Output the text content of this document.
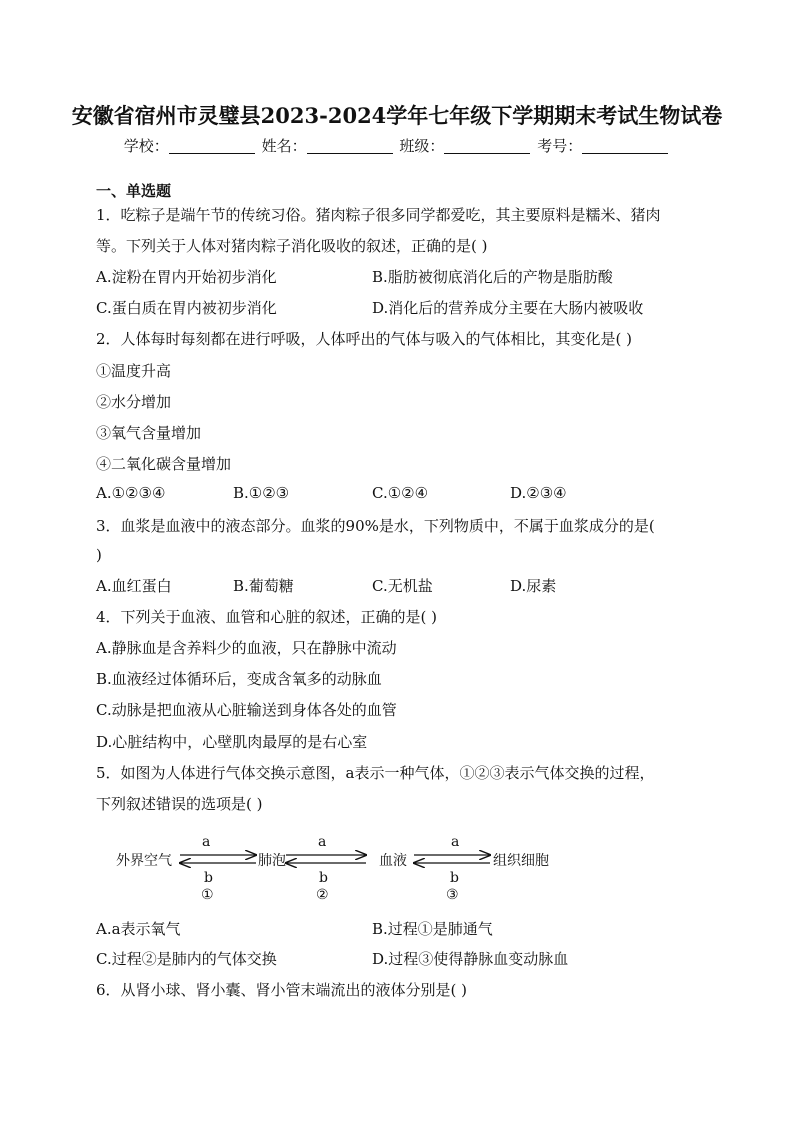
安徽省宿州市灵璧县2023-2024学年七年级下学期期末考试生物试卷
学校：	姓名：	班级：	考号：
一、单选题
1．吃粽子是端午节的传统习俗。猪肉粽子很多同学都爱吃，其主要原料是糯米、猪肉
等。下列关于人体对猪肉粽子消化吸收的叙述，正确的是( )
A.淀粉在胃内开始初步消化	B.脂肪被彻底消化后的产物是脂肪酸
C.蛋白质在胃内被初步消化	D.消化后的营养成分主要在大肠内被吸收
2．人体每时每刻都在进行呼吸，人体呼出的气体与吸入的气体相比，其变化是( )
①温度升高
②水分增加
③氧气含量增加
④二氧化碳含量增加
A.①②③④	B.①②③	C.①②④	D.②③④
3．血浆是血液中的液态部分。血浆的90%是水，下列物质中，不属于血浆成分的是(
)
A.血红蛋白	B.葡萄糖	C.无机盐	D.尿素
4．下列关于血液、血管和心脏的叙述，正确的是( )
A.静脉血是含养料少的血液，只在静脉中流动
B.血液经过体循环后，变成含氧多的动脉血
C.动脉是把血液从心脏输送到身体各处的血管
D.心脏结构中，心壁肌肉最厚的是右心室
5．如图为人体进行气体交换示意图，a表示一种气体，①②③表示气体交换的过程，
下列叙述错误的选项是( )
外界空气	肺泡	血液	组织细胞
a
b
①
a
b
②
a
b
③
A.a表示氧气	B.过程①是肺通气
C.过程②是肺内的气体交换	D.过程③使得静脉血变动脉血
6．从肾小球、肾小囊、肾小管末端流出的液体分别是( )
